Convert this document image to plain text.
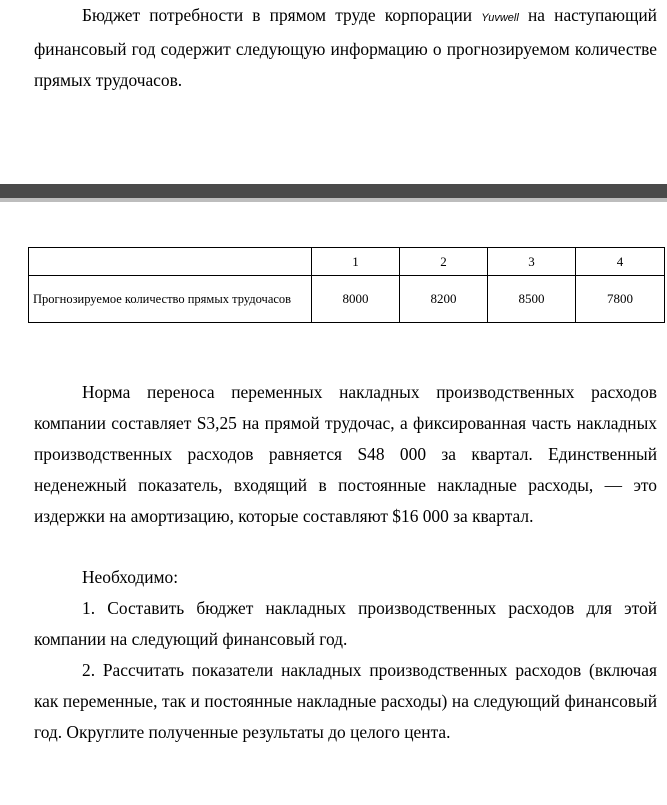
Бюджет потребности в прямом труде корпорации Yuvwell на наступающий финансовый год содержит следующую информацию о прогнозируемом количестве прямых трудочасов.

	1	2	3	4
Прогнозируемое количество прямых трудочасов	8000	8200	8500	7800

Норма переноса переменных накладных производственных расходов компании составляет S3,25 на прямой трудочас, а фиксированная часть накладных производственных расходов равняется S48 000 за квартал. Единственный неденежный показатель, входящий в постоянные накладные расходы, — это издержки на амортизацию, которые составляют $16 000 за квартал.

Необходимо:

1. Составить бюджет накладных производственных расходов для этой компании на следующий финансовый год.

2. Рассчитать показатели накладных производственных расходов (включая как переменные, так и постоянные накладные расходы) на следующий финансовый год. Округлите полученные результаты до целого цента.
